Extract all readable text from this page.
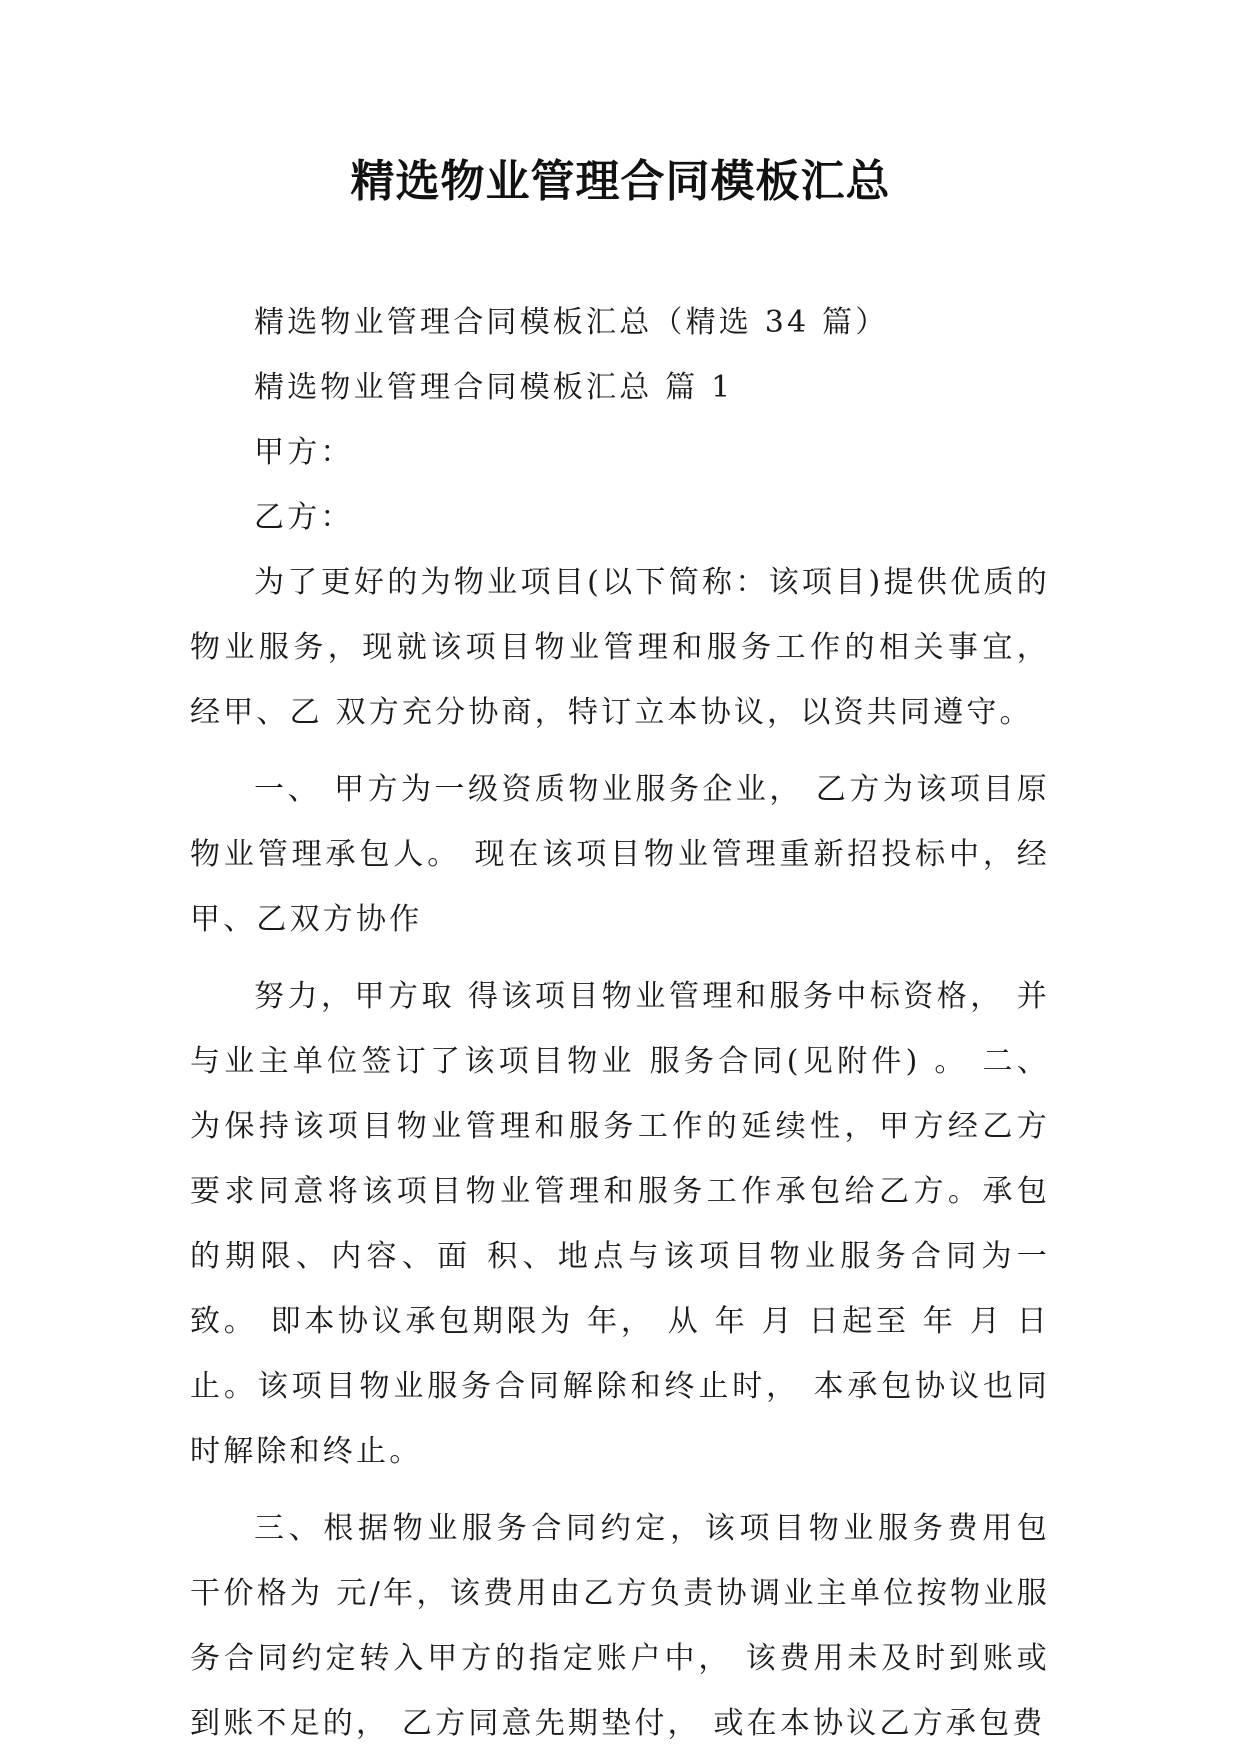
精选物业管理合同模板汇总

精选物业管理合同模板汇总（精选 34 篇）

精选物业管理合同模板汇总 篇 1

甲方：

乙方：

为了更好的为物业项目(以下简称：该项目)提供优质的物业服务，现就该项目物业管理和服务工作的相关事宜，经甲、乙 双方充分协商，特订立本协议，以资共同遵守。

一、 甲方为一级资质物业服务企业， 乙方为该项目原物业管理承包人。 现在该项目物业管理重新招投标中，经甲、乙双方协作

努力，甲方取 得该项目物业管理和服务中标资格， 并与业主单位签订了该项目物业 服务合同(见附件) 。 二、为保持该项目物业管理和服务工作的延续性，甲方经乙方要求同意将该项目物业管理和服务工作承包给乙方。承包的期限、内容、面 积、地点与该项目物业服务合同为一致。 即本协议承包期限为 年， 从 年 月 日起至 年 月 日止。该项目物业服务合同解除和终止时， 本承包协议也同时解除和终止。

三、根据物业服务合同约定，该项目物业服务费用包干价格为 元/年，该费用由乙方负责协调业主单位按物业服务合同约定转入甲方的指定账户中， 该费用未及时到账或到账不足的， 乙方同意先期垫付， 或在本协议乙方承包费
